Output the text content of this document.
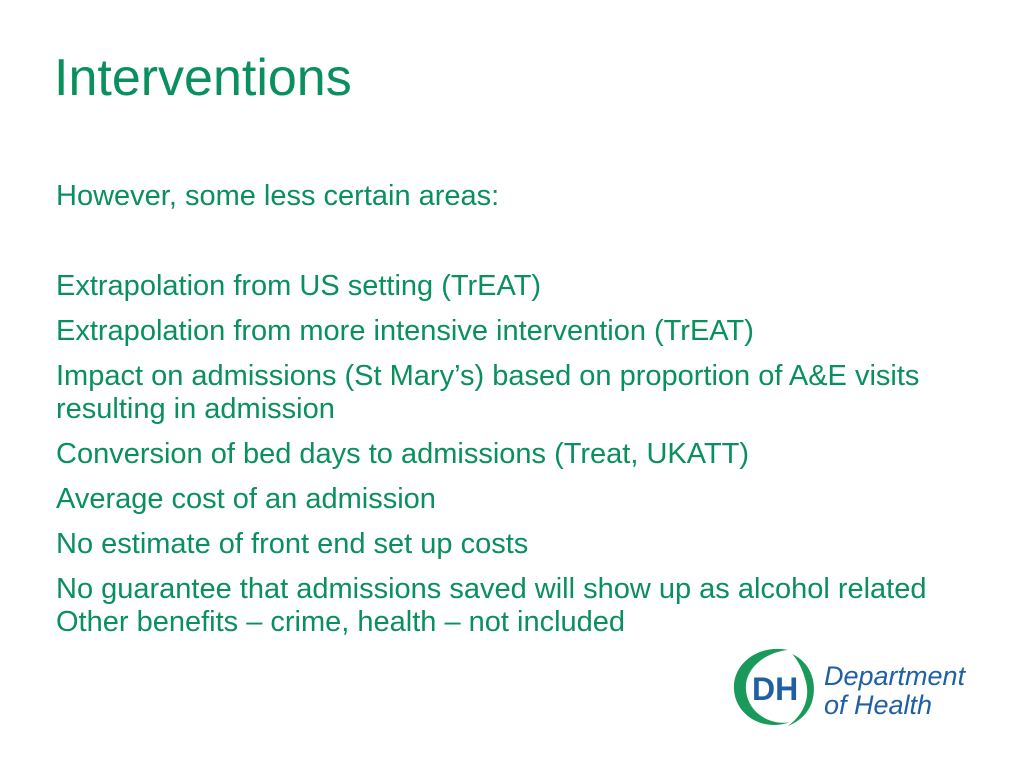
Interventions
However, some less certain areas:
Extrapolation from US setting (TrEAT)
Extrapolation from more intensive intervention (TrEAT)
Impact on admissions (St Mary’s) based on proportion of A&E visits resulting in admission
Conversion of bed days to admissions (Treat, UKATT)
Average cost of an admission
No estimate of front end set up costs
No guarantee that admissions saved will show up as alcohol related
Other benefits – crime, health – not included
DH Department
of Health
